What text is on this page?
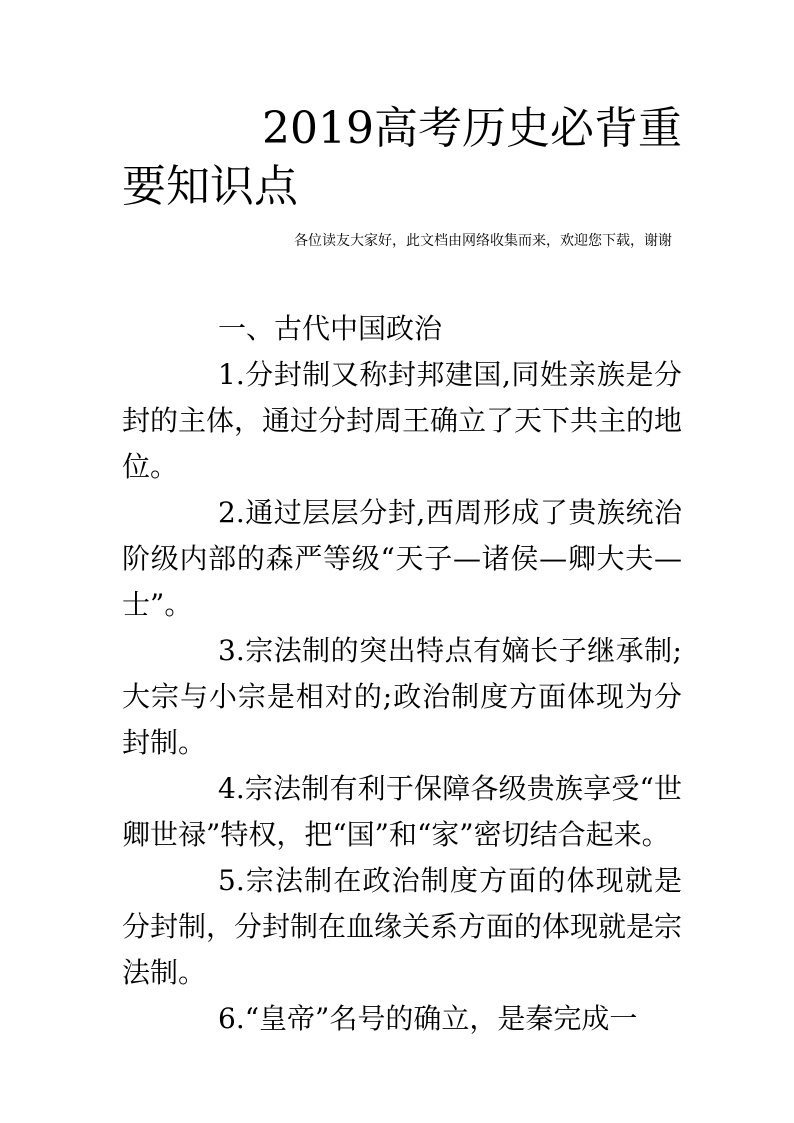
2019高考历史必背重要知识点

各位读友大家好，此文档由网络收集而来，欢迎您下载，谢谢

一、古代中国政治

1.分封制又称封邦建国,同姓亲族是分封的主体，通过分封周王确立了天下共主的地位。

2.通过层层分封,西周形成了贵族统治阶级内部的森严等级“天子—诸侯—卿大夫—士”。

3.宗法制的突出特点有嫡长子继承制;大宗与小宗是相对的;政治制度方面体现为分封制。

4.宗法制有利于保障各级贵族享受“世卿世禄”特权，把“国”和“家”密切结合起来。

5.宗法制在政治制度方面的体现就是分封制，分封制在血缘关系方面的体现就是宗法制。

6.“皇帝”名号的确立，是秦完成一
